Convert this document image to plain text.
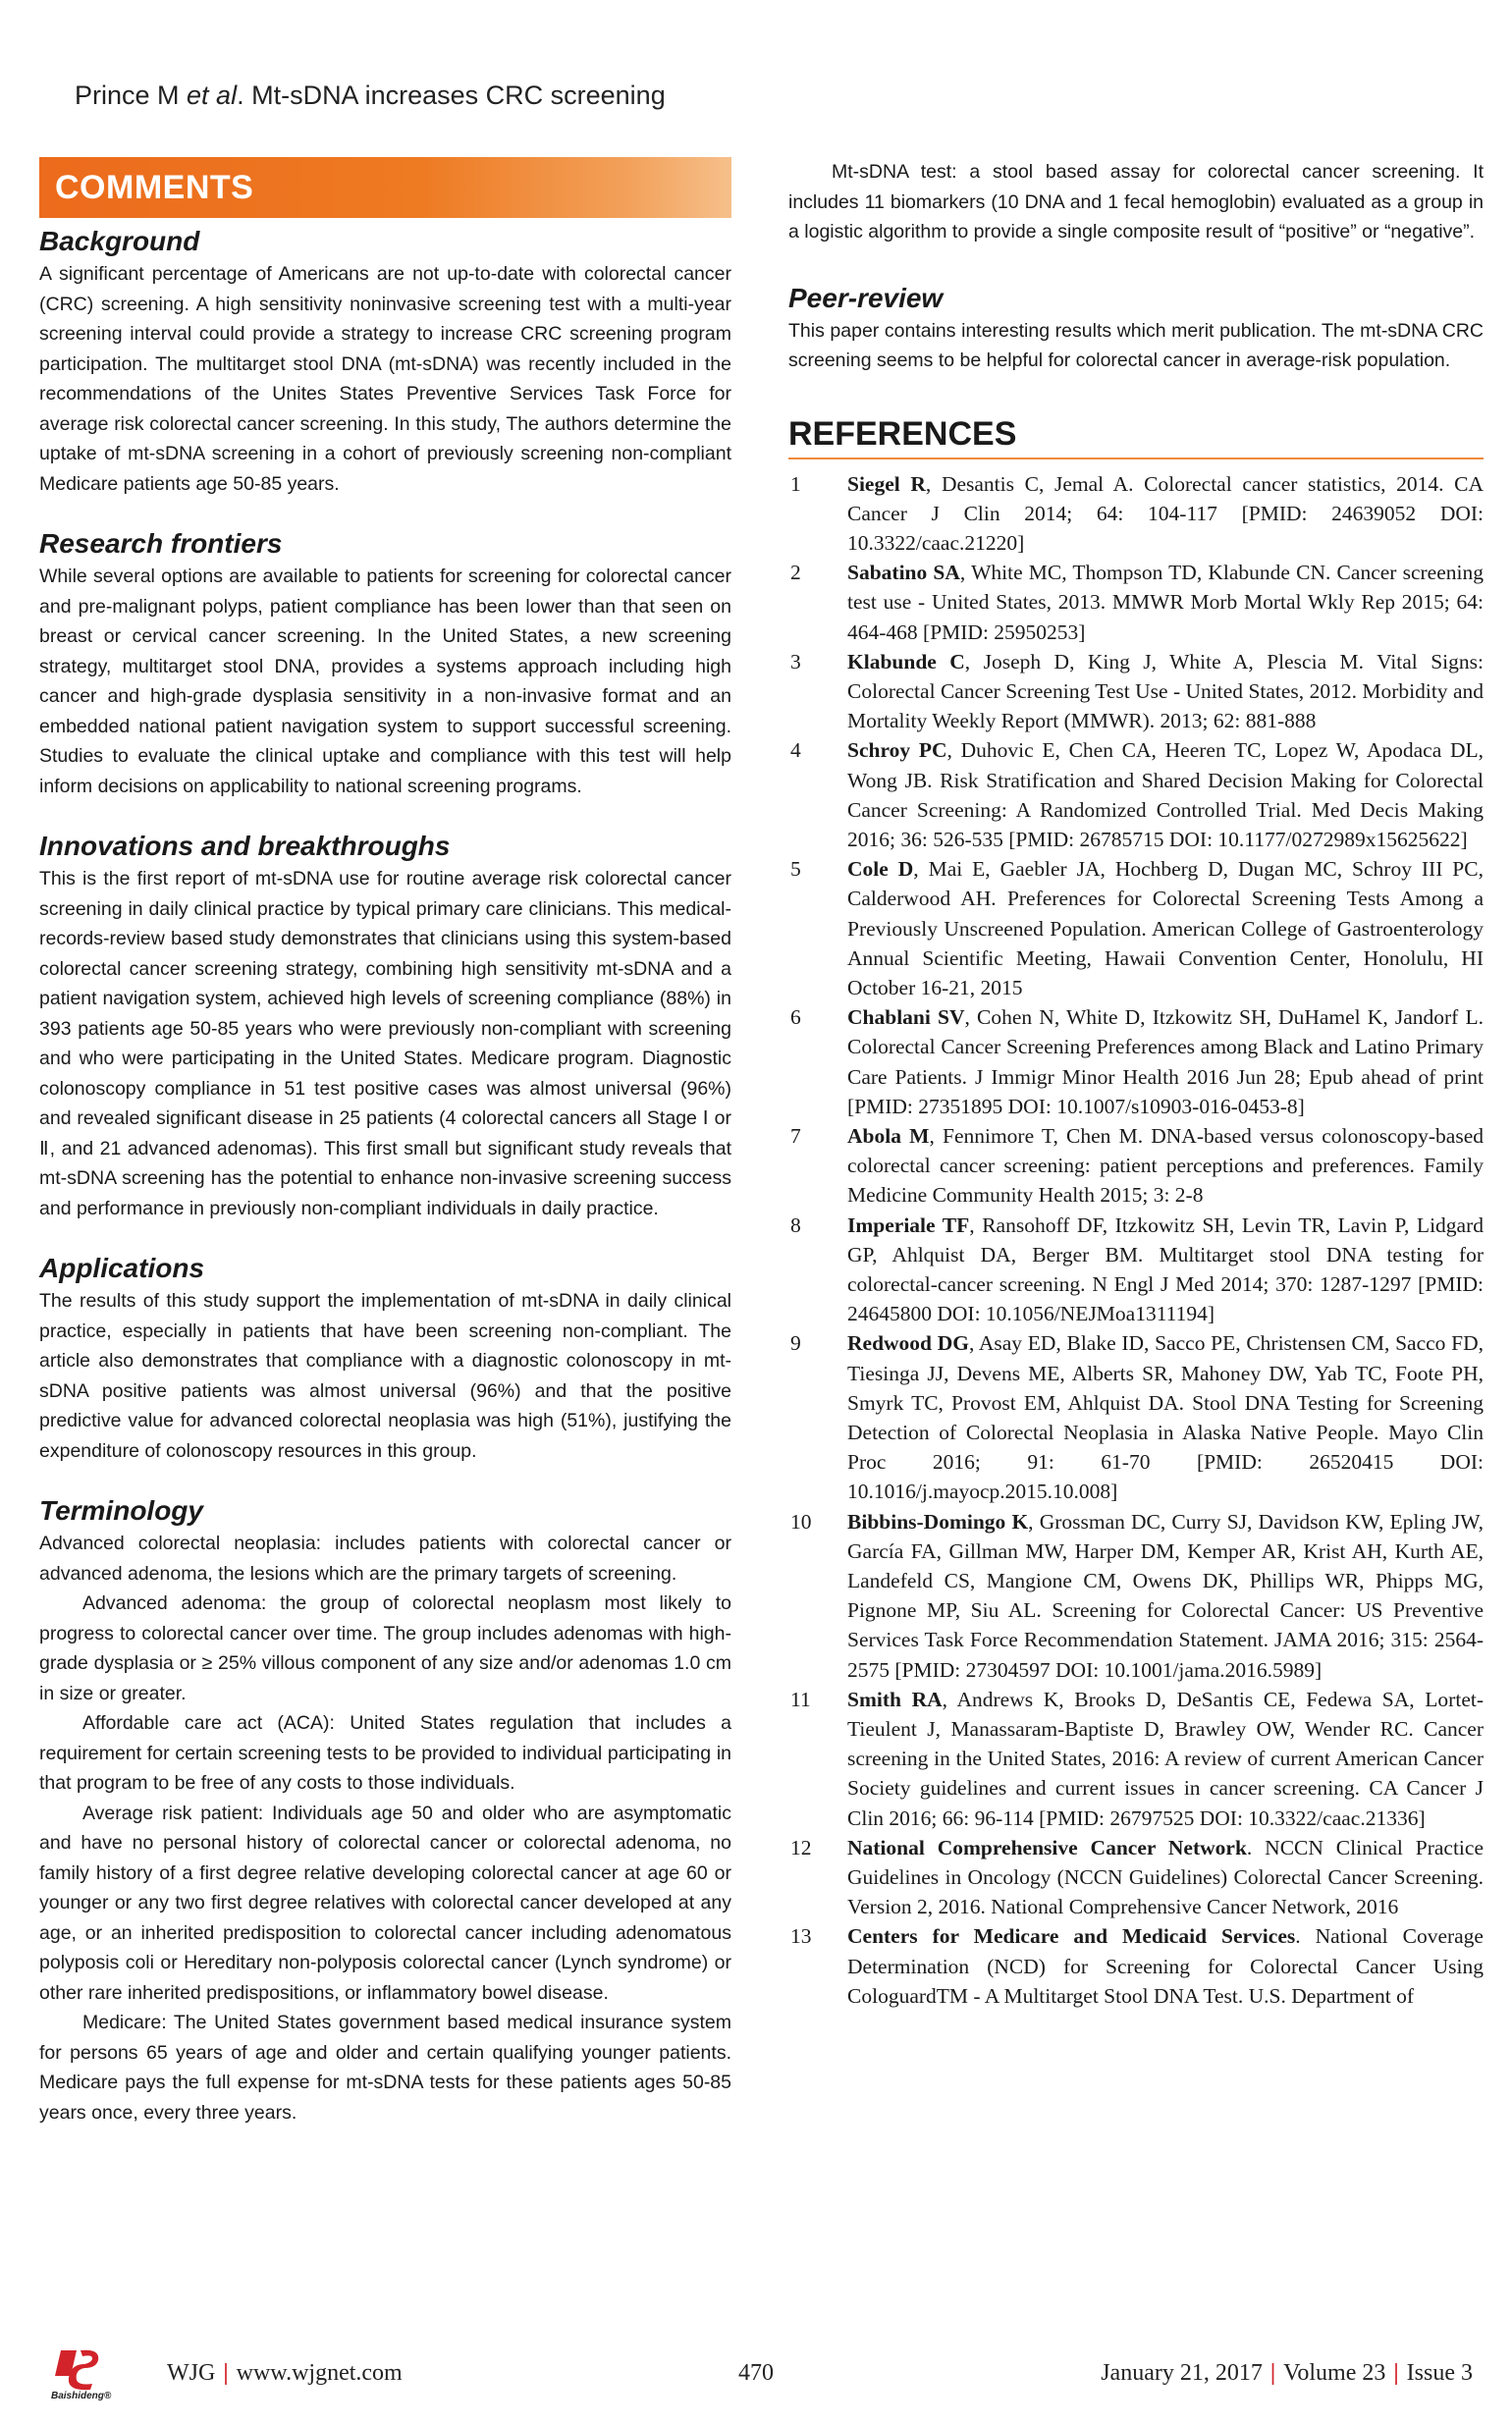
Prince M et al. Mt-sDNA increases CRC screening
COMMENTS
Background

A significant percentage of Americans are not up-to-date with colorectal cancer (CRC) screening. A high sensitivity noninvasive screening test with a multi-year screening interval could provide a strategy to increase CRC screening program participation. The multitarget stool DNA (mt-sDNA) was recently included in the recommendations of the Unites States Preventive Services Task Force for average risk colorectal cancer screening. In this study, The authors determine the uptake of mt-sDNA screening in a cohort of previously screening non-compliant Medicare patients age 50-85 years.

Research frontiers

While several options are available to patients for screening for colorectal cancer and pre-malignant polyps, patient compliance has been lower than that seen on breast or cervical cancer screening. In the United States, a new screening strategy, multitarget stool DNA, provides a systems approach including high cancer and high-grade dysplasia sensitivity in a non-invasive format and an embedded national patient navigation system to support successful screening. Studies to evaluate the clinical uptake and compliance with this test will help inform decisions on applicability to national screening programs.

Innovations and breakthroughs

This is the first report of mt-sDNA use for routine average risk colorectal cancer screening in daily clinical practice by typical primary care clinicians. This medical-records-review based study demonstrates that clinicians using this system-based colorectal cancer screening strategy, combining high sensitivity mt-sDNA and a patient navigation system, achieved high levels of screening compliance (88%) in 393 patients age 50-85 years who were previously non-compliant with screening and who were participating in the United States. Medicare program. Diagnostic colonoscopy compliance in 51 test positive cases was almost universal (96%) and revealed significant disease in 25 patients (4 colorectal cancers all Stage Ⅰ or Ⅱ, and 21 advanced adenomas). This first small but significant study reveals that mt-sDNA screening has the potential to enhance non-invasive screening success and performance in previously non-compliant individuals in daily practice.

Applications

The results of this study support the implementation of mt-sDNA in daily clinical practice, especially in patients that have been screening non-compliant. The article also demonstrates that compliance with a diagnostic colonoscopy in mt-sDNA positive patients was almost universal (96%) and that the positive predictive value for advanced colorectal neoplasia was high (51%), justifying the expenditure of colonoscopy resources in this group.

Terminology

Advanced colorectal neoplasia: includes patients with colorectal cancer or advanced adenoma, the lesions which are the primary targets of screening.

Advanced adenoma: the group of colorectal neoplasm most likely to progress to colorectal cancer over time. The group includes adenomas with high-grade dysplasia or ≥ 25% villous component of any size and/or adenomas 1.0 cm in size or greater.

Affordable care act (ACA): United States regulation that includes a requirement for certain screening tests to be provided to individual participating in that program to be free of any costs to those individuals.

Average risk patient: Individuals age 50 and older who are asymptomatic and have no personal history of colorectal cancer or colorectal adenoma, no family history of a first degree relative developing colorectal cancer at age 60 or younger or any two first degree relatives with colorectal cancer developed at any age, or an inherited predisposition to colorectal cancer including adenomatous polyposis coli or Hereditary non-polyposis colorectal cancer (Lynch syndrome) or other rare inherited predispositions, or inflammatory bowel disease.

Medicare: The United States government based medical insurance system for persons 65 years of age and older and certain qualifying younger patients. Medicare pays the full expense for mt-sDNA tests for these patients ages 50-85 years once, every three years.

Mt-sDNA test: a stool based assay for colorectal cancer screening. It includes 11 biomarkers (10 DNA and 1 fecal hemoglobin) evaluated as a group in a logistic algorithm to provide a single composite result of “positive” or “negative”.

Peer-review

This paper contains interesting results which merit publication. The mt-sDNA CRC screening seems to be helpful for colorectal cancer in average-risk population.

REFERENCES
1	Siegel R, Desantis C, Jemal A. Colorectal cancer statistics, 2014. CA Cancer J Clin 2014; 64: 104-117 [PMID: 24639052 DOI: 10.3322/caac.21220]
2	Sabatino SA, White MC, Thompson TD, Klabunde CN. Cancer screening test use - United States, 2013. MMWR Morb Mortal Wkly Rep 2015; 64: 464-468 [PMID: 25950253]
3	Klabunde C, Joseph D, King J, White A, Plescia M. Vital Signs: Colorectal Cancer Screening Test Use - United States, 2012. Morbidity and Mortality Weekly Report (MMWR). 2013; 62: 881-888
4	Schroy PC, Duhovic E, Chen CA, Heeren TC, Lopez W, Apodaca DL, Wong JB. Risk Stratification and Shared Decision Making for Colorectal Cancer Screening: A Randomized Controlled Trial. Med Decis Making 2016; 36: 526-535 [PMID: 26785715 DOI: 10.1177/0272989x15625622]
5	Cole D, Mai E, Gaebler JA, Hochberg D, Dugan MC, Schroy III PC, Calderwood AH. Preferences for Colorectal Screening Tests Among a Previously Unscreened Population. American College of Gastroenterology Annual Scientific Meeting, Hawaii Convention Center, Honolulu, HI October 16-21, 2015
6	Chablani SV, Cohen N, White D, Itzkowitz SH, DuHamel K, Jandorf L. Colorectal Cancer Screening Preferences among Black and Latino Primary Care Patients. J Immigr Minor Health 2016 Jun 28; Epub ahead of print [PMID: 27351895 DOI: 10.1007/s10903-016-0453-8]
7	Abola M, Fennimore T, Chen M. DNA-based versus colonoscopy-based colorectal cancer screening: patient perceptions and preferences. Family Medicine Community Health 2015; 3: 2-8
8	Imperiale TF, Ransohoff DF, Itzkowitz SH, Levin TR, Lavin P, Lidgard GP, Ahlquist DA, Berger BM. Multitarget stool DNA testing for colorectal-cancer screening. N Engl J Med 2014; 370: 1287-1297 [PMID: 24645800 DOI: 10.1056/NEJMoa1311194]
9	Redwood DG, Asay ED, Blake ID, Sacco PE, Christensen CM, Sacco FD, Tiesinga JJ, Devens ME, Alberts SR, Mahoney DW, Yab TC, Foote PH, Smyrk TC, Provost EM, Ahlquist DA. Stool DNA Testing for Screening Detection of Colorectal Neoplasia in Alaska Native People. Mayo Clin Proc 2016; 91: 61-70 [PMID: 26520415 DOI: 10.1016/j.mayocp.2015.10.008]
10	Bibbins-Domingo K, Grossman DC, Curry SJ, Davidson KW, Epling JW, García FA, Gillman MW, Harper DM, Kemper AR, Krist AH, Kurth AE, Landefeld CS, Mangione CM, Owens DK, Phillips WR, Phipps MG, Pignone MP, Siu AL. Screening for Colorectal Cancer: US Preventive Services Task Force Recommendation Statement. JAMA 2016; 315: 2564-2575 [PMID: 27304597 DOI: 10.1001/jama.2016.5989]
11	Smith RA, Andrews K, Brooks D, DeSantis CE, Fedewa SA, Lortet-Tieulent J, Manassaram-Baptiste D, Brawley OW, Wender RC. Cancer screening in the United States, 2016: A review of current American Cancer Society guidelines and current issues in cancer screening. CA Cancer J Clin 2016; 66: 96-114 [PMID: 26797525 DOI: 10.3322/caac.21336]
12	National Comprehensive Cancer Network. NCCN Clinical Practice Guidelines in Oncology (NCCN Guidelines) Colorectal Cancer Screening. Version 2, 2016. National Comprehensive Cancer Network, 2016
13	Centers for Medicare and Medicaid Services. National Coverage Determination (NCD) for Screening for Colorectal Cancer Using CologuardTM - A Multitarget Stool DNA Test. U.S. Department of
Baishideng®
WJG | www.wjgnet.com	470	January 21, 2017 | Volume 23 | Issue 3
